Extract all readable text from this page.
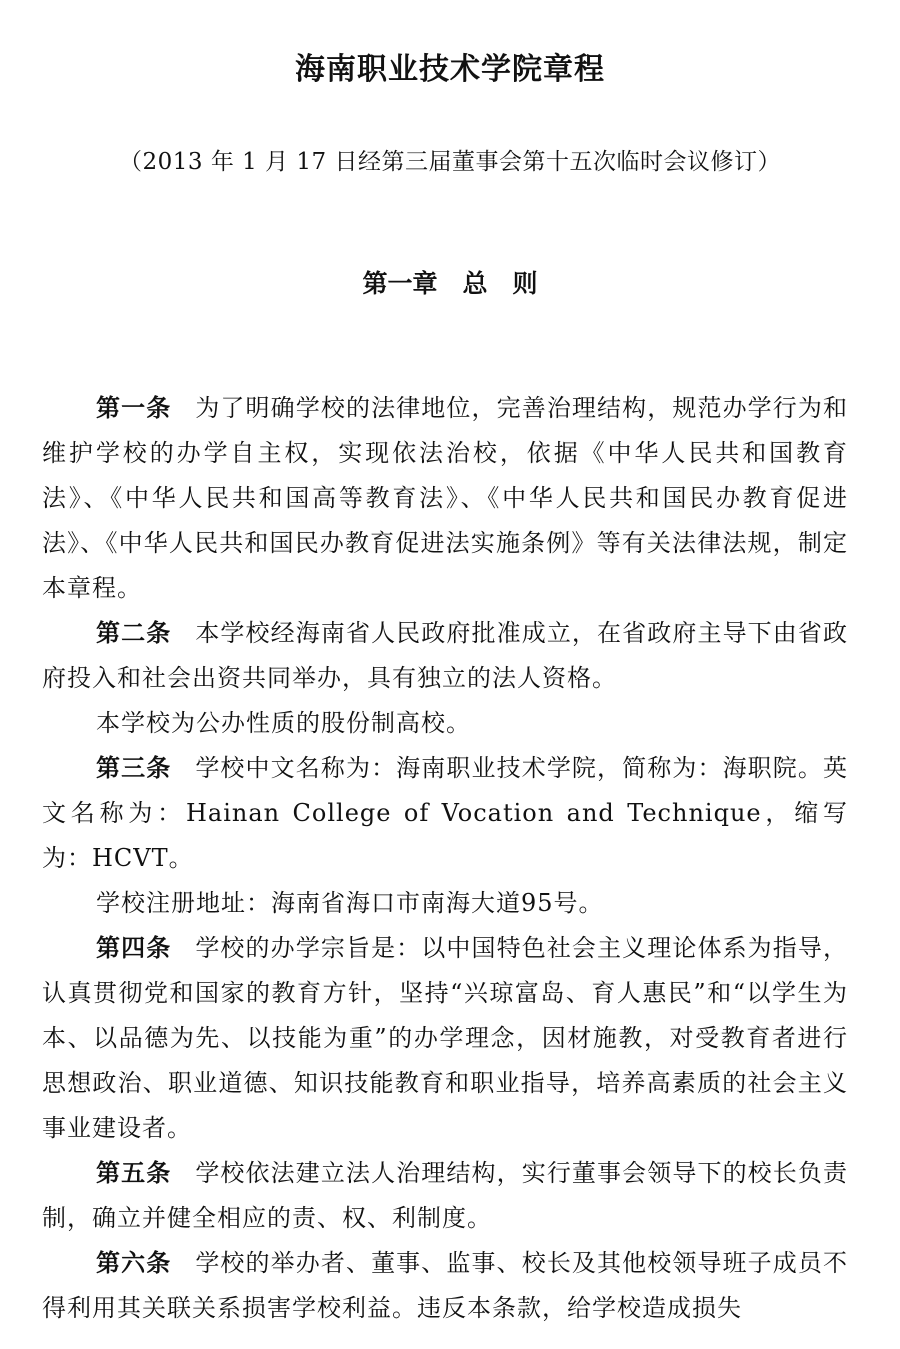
海南职业技术学院章程
（2013 年 1 月 17 日经第三届董事会第十五次临时会议修订）
第一章　总　则

第一条 为了明确学校的法律地位，完善治理结构，规范办学行为和维护学校的办学自主权，实现依法治校，依据《中华人民共和国教育法》、《中华人民共和国高等教育法》、《中华人民共和国民办教育促进法》、《中华人民共和国民办教育促进法实施条例》等有关法律法规，制定本章程。

第二条 本学校经海南省人民政府批准成立，在省政府主导下由省政府投入和社会出资共同举办，具有独立的法人资格。

本学校为公办性质的股份制高校。

第三条 学校中文名称为：海南职业技术学院，简称为：海职院。英文名称为：Hainan College of Vocation and Technique，缩写为：HCVT。

学校注册地址：海南省海口市南海大道95号。

第四条 学校的办学宗旨是：以中国特色社会主义理论体系为指导，认真贯彻党和国家的教育方针，坚持“兴琼富岛、育人惠民”和“以学生为本、以品德为先、以技能为重”的办学理念，因材施教，对受教育者进行思想政治、职业道德、知识技能教育和职业指导，培养高素质的社会主义事业建设者。

第五条 学校依法建立法人治理结构，实行董事会领导下的校长负责制，确立并健全相应的责、权、利制度。

第六条 学校的举办者、董事、监事、校长及其他校领导班子成员不得利用其关联关系损害学校利益。违反本条款，给学校造成损失
